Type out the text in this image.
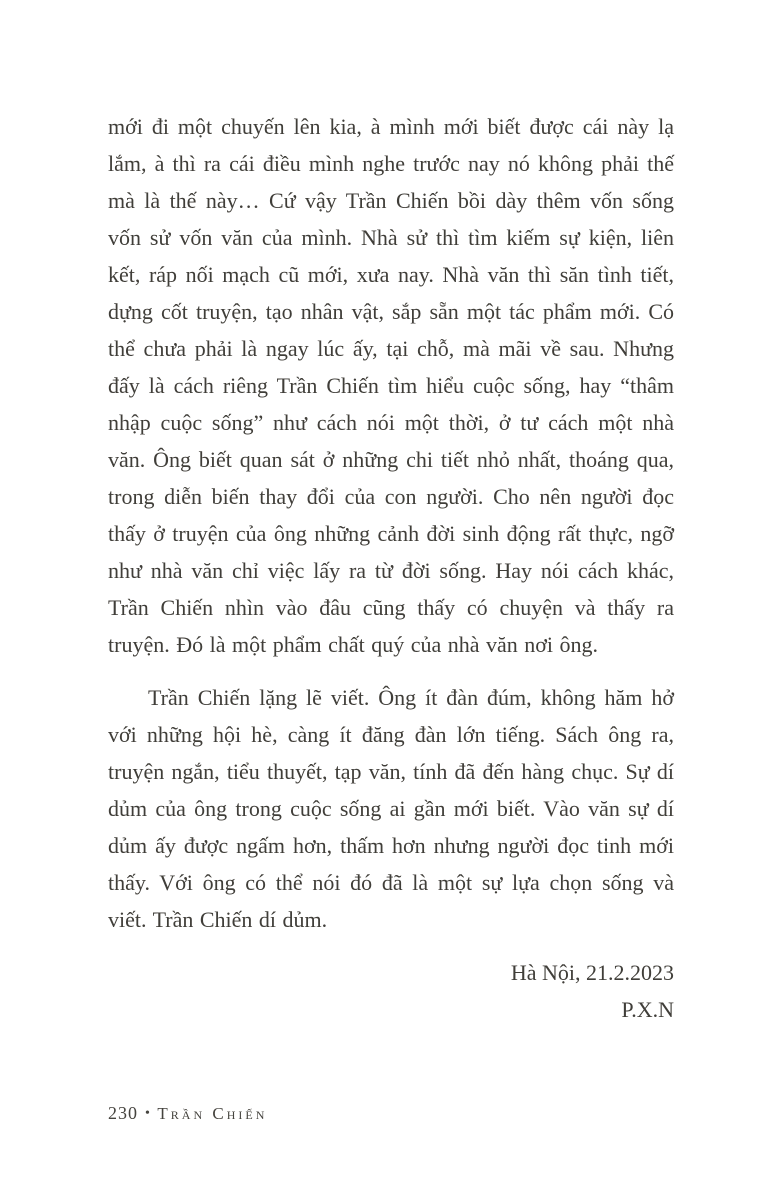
mới đi một chuyến lên kia, à mình mới biết được cái này lạ lắm, à thì ra cái điều mình nghe trước nay nó không phải thế mà là thế này… Cứ vậy Trần Chiến bồi dày thêm vốn sống vốn sử vốn văn của mình. Nhà sử thì tìm kiếm sự kiện, liên kết, ráp nối mạch cũ mới, xưa nay. Nhà văn thì săn tình tiết, dựng cốt truyện, tạo nhân vật, sắp sẵn một tác phẩm mới. Có thể chưa phải là ngay lúc ấy, tại chỗ, mà mãi về sau. Nhưng đấy là cách riêng Trần Chiến tìm hiểu cuộc sống, hay “thâm nhập cuộc sống” như cách nói một thời, ở tư cách một nhà văn. Ông biết quan sát ở những chi tiết nhỏ nhất, thoáng qua, trong diễn biến thay đổi của con người. Cho nên người đọc thấy ở truyện của ông những cảnh đời sinh động rất thực, ngỡ như nhà văn chỉ việc lấy ra từ đời sống. Hay nói cách khác, Trần Chiến nhìn vào đâu cũng thấy có chuyện và thấy ra truyện. Đó là một phẩm chất quý của nhà văn nơi ông.

Trần Chiến lặng lẽ viết. Ông ít đàn đúm, không hăm hở với những hội hè, càng ít đăng đàn lớn tiếng. Sách ông ra, truyện ngắn, tiểu thuyết, tạp văn, tính đã đến hàng chục. Sự dí dủm của ông trong cuộc sống ai gần mới biết. Vào văn sự dí dủm ấy được ngấm hơn, thấm hơn nhưng người đọc tinh mới thấy. Với ông có thể nói đó đã là một sự lựa chọn sống và viết. Trần Chiến dí dủm.

Hà Nội, 21.2.2023
P.X.N
230 • Trần Chiến
